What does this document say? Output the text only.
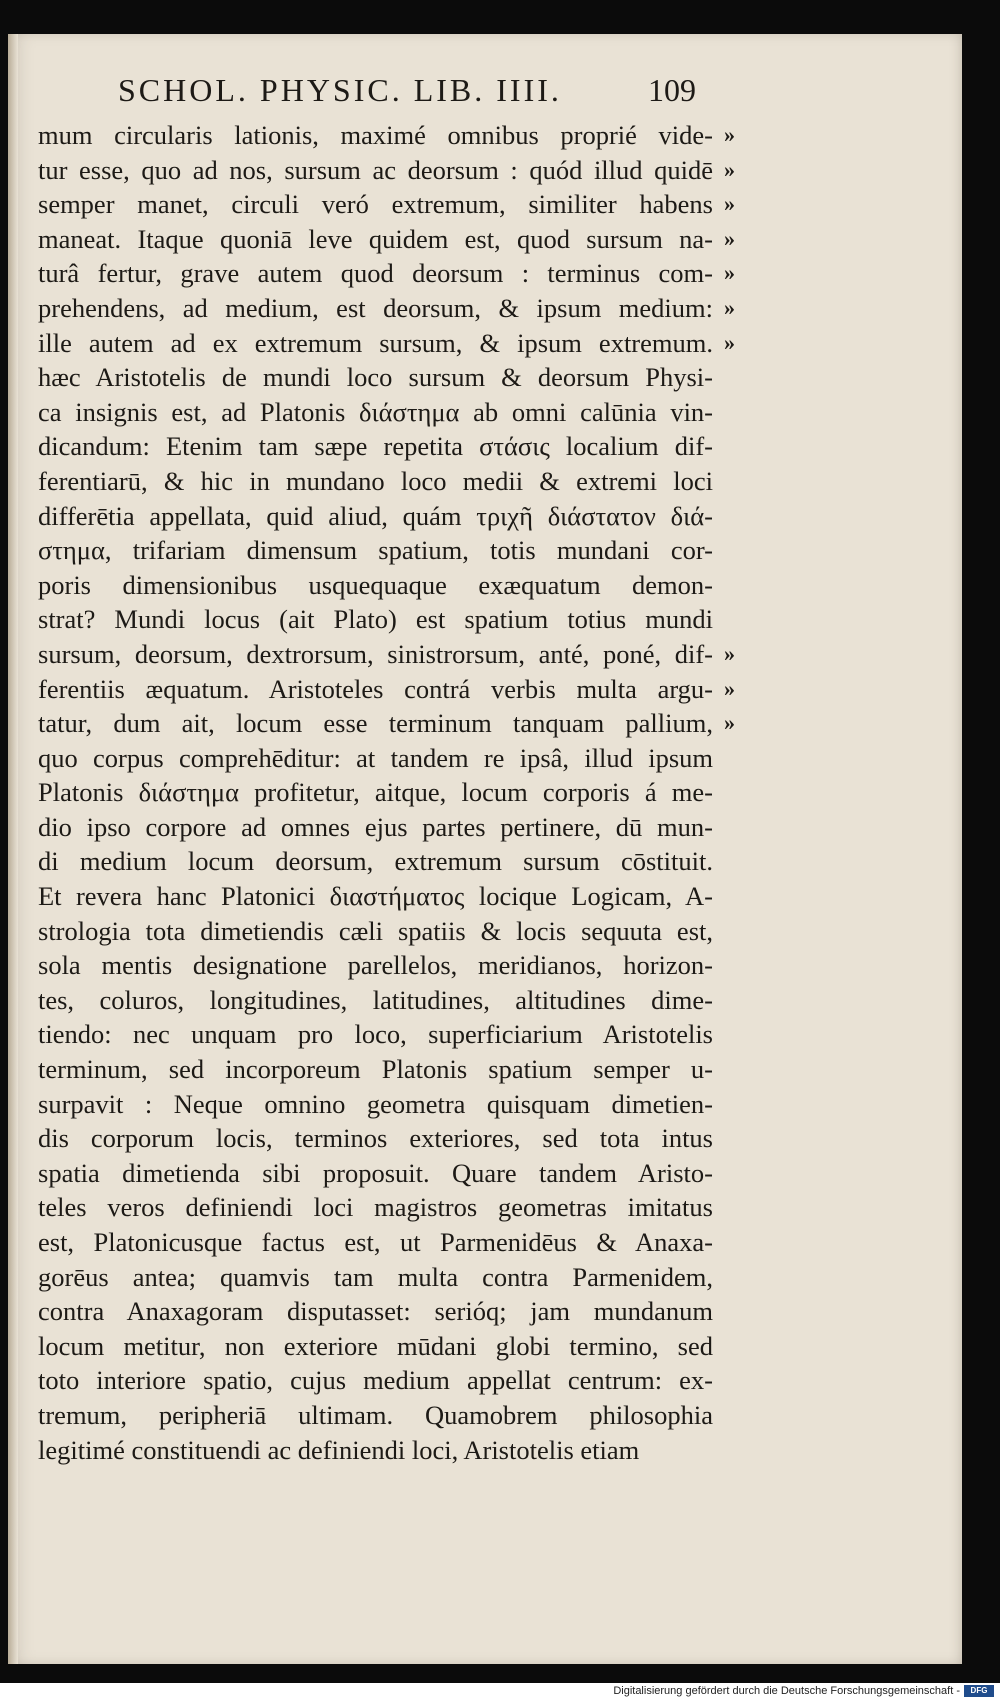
SCHOL. PHYSIC. LIB. IIII.	109
mum circularis lationis, maximé omnibus proprié vide-
tur esse, quo ad nos, sursum ac deorsum : quód illud quidē
semper manet, circuli veró extremum, similiter habens
maneat. Itaque quoniā leve quidem est, quod sursum na-
turâ fertur, grave autem quod deorsum : terminus com-
prehendens, ad medium, est deorsum, & ipsum medium:
ille autem ad ex extremum sursum, & ipsum extremum.
hæc Aristotelis de mundi loco sursum & deorsum Physi-
ca insignis est, ad Platonis διάστημα ab omni calūnia vin-
dicandum: Etenim tam sæpe repetita στάσις localium dif-
ferentiarū, & hic in mundano loco medii & extremi loci
differētia appellata, quid aliud, quám τριχῆ διάστατον διά-
στημα, trifariam dimensum spatium, totis mundani cor-
poris dimensionibus usquequaque exæquatum demon-
strat? Mundi locus (ait Plato) est spatium totius mundi
sursum, deorsum, dextrorsum, sinistrorsum, anté, poné, dif-
ferentiis æquatum. Aristoteles contrá verbis multa argu-
tatur, dum ait, locum esse terminum tanquam pallium,
quo corpus comprehēditur: at tandem re ipsâ, illud ipsum
Platonis διάστημα profitetur, aitque, locum corporis á me-
dio ipso corpore ad omnes ejus partes pertinere, dū mun-
di medium locum deorsum, extremum sursum cōstituit.
Et revera hanc Platonici διαστήματος locique Logicam, A-
strologia tota dimetiendis cæli spatiis & locis sequuta est,
sola mentis designatione parellelos, meridianos, horizon-
tes, coluros, longitudines, latitudines, altitudines dime-
tiendo: nec unquam pro loco, superficiarium Aristotelis
terminum, sed incorporeum Platonis spatium semper u-
surpavit : Neque omnino geometra quisquam dimetien-
dis corporum locis, terminos exteriores, sed tota intus
spatia dimetienda sibi proposuit. Quare tandem Aristo-
teles veros definiendi loci magistros geometras imitatus
est, Platonicusque factus est, ut Parmenidēus & Anaxa-
gorēus antea; quamvis tam multa contra Parmenidem,
contra Anaxagoram disputasset: serióq; jam mundanum
locum metitur, non exteriore mūdani globi termino, sed
toto interiore spatio, cujus medium appellat centrum: ex-
tremum, peripheriā ultimam. Quamobrem philosophia
legitimé constituendi ac definiendi loci, Aristotelis etiam
»
»
»
»
»
»
»
»
»
»
Digitalisierung gefördert durch die Deutsche Forschungsgemeinschaft -	DFG
